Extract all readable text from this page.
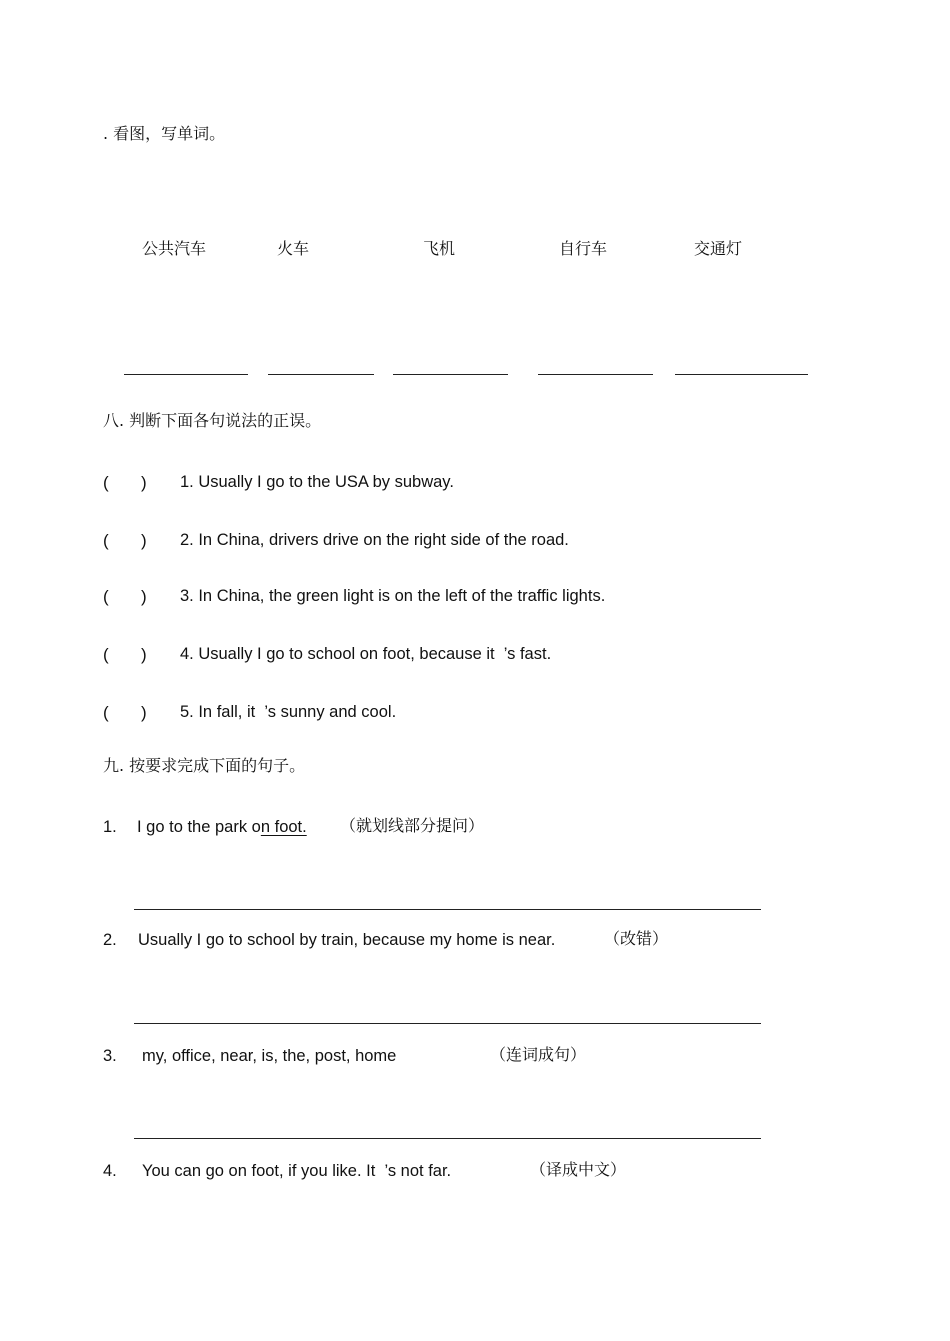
. 看图，写单词。
公共汽车	火车	飞机	自行车	交通灯
八. 判断下面各句说法的正误。
( ) 1. Usually I go to the USA by subway.
( ) 2. In China, drivers drive on the right side of the road.
( ) 3. In China, the green light is on the left of the traffic lights.
( ) 4. Usually I go to school on foot, because it  ’s fast.
( ) 5. In fall, it  ’s sunny and cool.
九. 按要求完成下面的句子。
1. I go to the park on foot. （就划线部分提问）
2. Usually I go to school by train, because my home is near.	（改错）
3. my, office, near, is, the, post, home	（连词成句）
4. You can go on foot, if you like. It  ’s not far.	（译成中文）
